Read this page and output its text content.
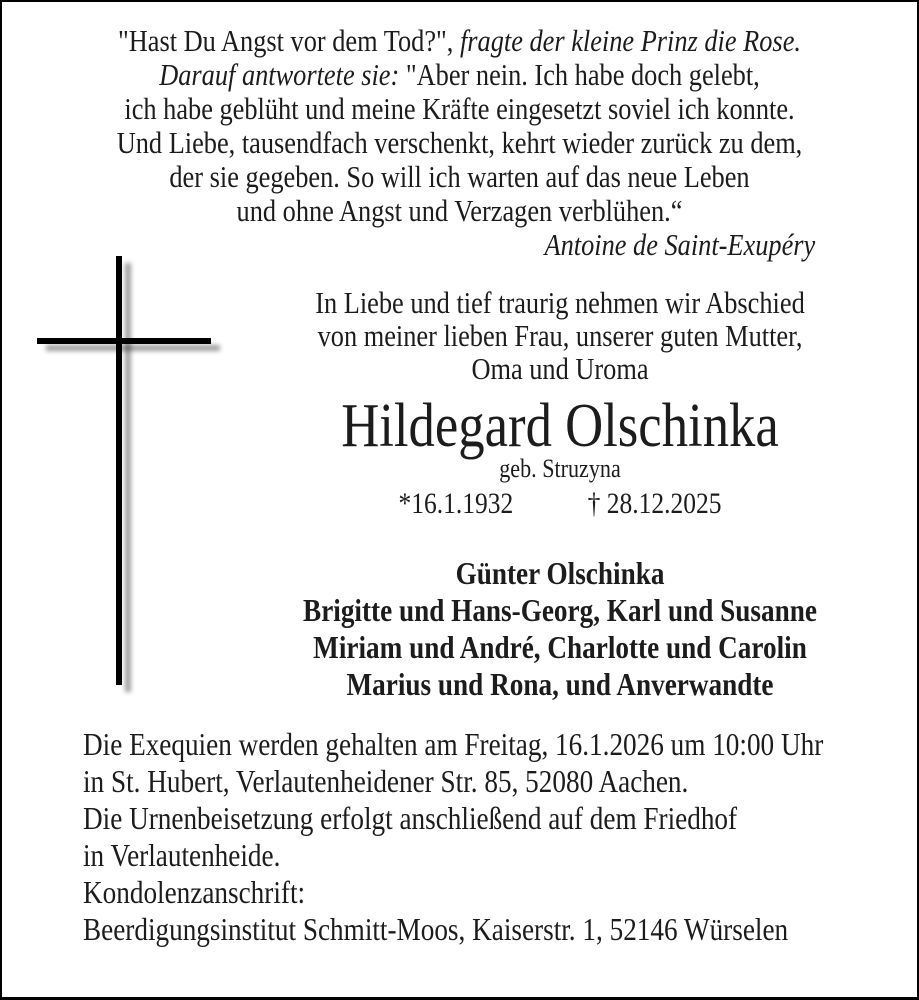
"Hast Du Angst vor dem Tod?", fragte der kleine Prinz die Rose.

Darauf antwortete sie: "Aber nein. Ich habe doch gelebt,

ich habe geblüht und meine Kräfte eingesetzt soviel ich konnte.

Und Liebe, tausendfach verschenkt, kehrt wieder zurück zu dem,

der sie gegeben. So will ich warten auf das neue Leben

und ohne Angst und Verzagen verblühen.“

Antoine de Saint-Exupéry

In Liebe und tief traurig nehmen wir Abschied

von meiner lieben Frau, unserer guten Mutter,

Oma und Uroma

Hildegard Olschinka

geb. Struzyna

*16.1.1932 † 28.12.2025

Günter Olschinka

Brigitte und Hans-Georg, Karl und Susanne

Miriam und André, Charlotte und Carolin

Marius und Rona, und Anverwandte

Die Exequien werden gehalten am Freitag, 16.1.2026 um 10:00 Uhr

in St. Hubert, Verlautenheidener Str. 85, 52080 Aachen.

Die Urnenbeisetzung erfolgt anschließend auf dem Friedhof

in Verlautenheide.

Kondolenzanschrift:

Beerdigungsinstitut Schmitt-Moos, Kaiserstr. 1, 52146 Würselen
